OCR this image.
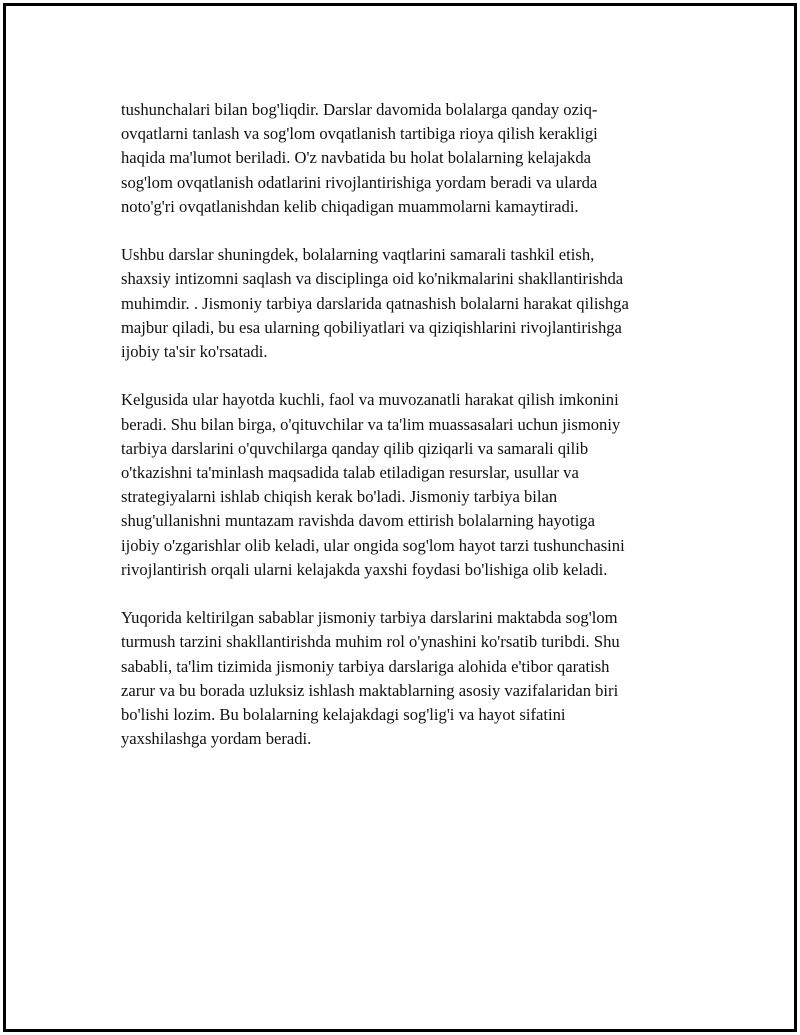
tushunchalari bilan bog'liqdir. Darslar davomida bolalarga qanday oziq-
ovqatlarni tanlash va sog'lom ovqatlanish tartibiga rioya qilish kerakligi
haqida ma'lumot beriladi. O'z navbatida bu holat bolalarning kelajakda
sog'lom ovqatlanish odatlarini rivojlantirishiga yordam beradi va ularda
noto'g'ri ovqatlanishdan kelib chiqadigan muammolarni kamaytiradi.

Ushbu darslar shuningdek, bolalarning vaqtlarini samarali tashkil etish,
shaxsiy intizomni saqlash va disciplinga oid ko'nikmalarini shakllantirishda
muhimdir. . Jismoniy tarbiya darslarida qatnashish bolalarni harakat qilishga
majbur qiladi, bu esa ularning qobiliyatlari va qiziqishlarini rivojlantirishga
ijobiy ta'sir ko'rsatadi.

Kelgusida ular hayotda kuchli, faol va muvozanatli harakat qilish imkonini
beradi. Shu bilan birga, o'qituvchilar va ta'lim muassasalari uchun jismoniy
tarbiya darslarini o'quvchilarga qanday qilib qiziqarli va samarali qilib
o'tkazishni ta'minlash maqsadida talab etiladigan resurslar, usullar va
strategiyalarni ishlab chiqish kerak bo'ladi. Jismoniy tarbiya bilan
shug'ullanishni muntazam ravishda davom ettirish bolalarning hayotiga
ijobiy o'zgarishlar olib keladi, ular ongida sog'lom hayot tarzi tushunchasini
rivojlantirish orqali ularni kelajakda yaxshi foydasi bo'lishiga olib keladi.

Yuqorida keltirilgan sabablar jismoniy tarbiya darslarini maktabda sog'lom
turmush tarzini shakllantirishda muhim rol o'ynashini ko'rsatib turibdi. Shu
sababli, ta'lim tizimida jismoniy tarbiya darslariga alohida e'tibor qaratish
zarur va bu borada uzluksiz ishlash maktablarning asosiy vazifalaridan biri
bo'lishi lozim. Bu bolalarning kelajakdagi sog'lig'i va hayot sifatini
yaxshilashga yordam beradi.
